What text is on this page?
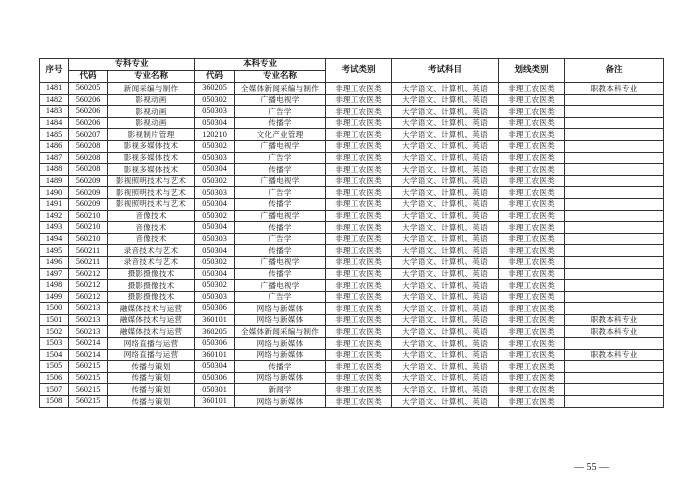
序号	专科专业		本科专业		考试类别	考试科目	划线类别	备注
	代码	专业名称	代码	专业名称				
1481	560205	新闻采编与制作	360205	全媒体新闻采编与制作	非理工农医类	大学语文、计算机、英语	非理工农医类	职教本科专业
1482	560206	影视动画	050302	广播电视学	非理工农医类	大学语文、计算机、英语	非理工农医类	
1483	560206	影视动画	050303	广告学	非理工农医类	大学语文、计算机、英语	非理工农医类	
1484	560206	影视动画	050304	传播学	非理工农医类	大学语文、计算机、英语	非理工农医类	
1485	560207	影视制片管理	120210	文化产业管理	非理工农医类	大学语文、计算机、英语	非理工农医类	
1486	560208	影视多媒体技术	050302	广播电视学	非理工农医类	大学语文、计算机、英语	非理工农医类	
1487	560208	影视多媒体技术	050303	广告学	非理工农医类	大学语文、计算机、英语	非理工农医类	
1488	560208	影视多媒体技术	050304	传播学	非理工农医类	大学语文、计算机、英语	非理工农医类	
1489	560209	影视照明技术与艺术	050302	广播电视学	非理工农医类	大学语文、计算机、英语	非理工农医类	
1490	560209	影视照明技术与艺术	050303	广告学	非理工农医类	大学语文、计算机、英语	非理工农医类	
1491	560209	影视照明技术与艺术	050304	传播学	非理工农医类	大学语文、计算机、英语	非理工农医类	
1492	560210	音像技术	050302	广播电视学	非理工农医类	大学语文、计算机、英语	非理工农医类	
1493	560210	音像技术	050304	传播学	非理工农医类	大学语文、计算机、英语	非理工农医类	
1494	560210	音像技术	050303	广告学	非理工农医类	大学语文、计算机、英语	非理工农医类	
1495	560211	录音技术与艺术	050304	传播学	非理工农医类	大学语文、计算机、英语	非理工农医类	
1496	560211	录音技术与艺术	050302	广播电视学	非理工农医类	大学语文、计算机、英语	非理工农医类	
1497	560212	摄影摄像技术	050304	传播学	非理工农医类	大学语文、计算机、英语	非理工农医类	
1498	560212	摄影摄像技术	050302	广播电视学	非理工农医类	大学语文、计算机、英语	非理工农医类	
1499	560212	摄影摄像技术	050303	广告学	非理工农医类	大学语文、计算机、英语	非理工农医类	
1500	560213	融媒体技术与运营	050306	网络与新媒体	非理工农医类	大学语文、计算机、英语	非理工农医类	
1501	560213	融媒体技术与运营	360101	网络与新媒体	非理工农医类	大学语文、计算机、英语	非理工农医类	职教本科专业
1502	560213	融媒体技术与运营	360205	全媒体新闻采编与制作	非理工农医类	大学语文、计算机、英语	非理工农医类	职教本科专业
1503	560214	网络直播与运营	050306	网络与新媒体	非理工农医类	大学语文、计算机、英语	非理工农医类	
1504	560214	网络直播与运营	360101	网络与新媒体	非理工农医类	大学语文、计算机、英语	非理工农医类	职教本科专业
1505	560215	传播与策划	050304	传播学	非理工农医类	大学语文、计算机、英语	非理工农医类	
1506	560215	传播与策划	050306	网络与新媒体	非理工农医类	大学语文、计算机、英语	非理工农医类	
1507	560215	传播与策划	050301	新闻学	非理工农医类	大学语文、计算机、英语	非理工农医类	
1508	560215	传播与策划	360101	网络与新媒体	非理工农医类	大学语文、计算机、英语	非理工农医类	
— 55 —
